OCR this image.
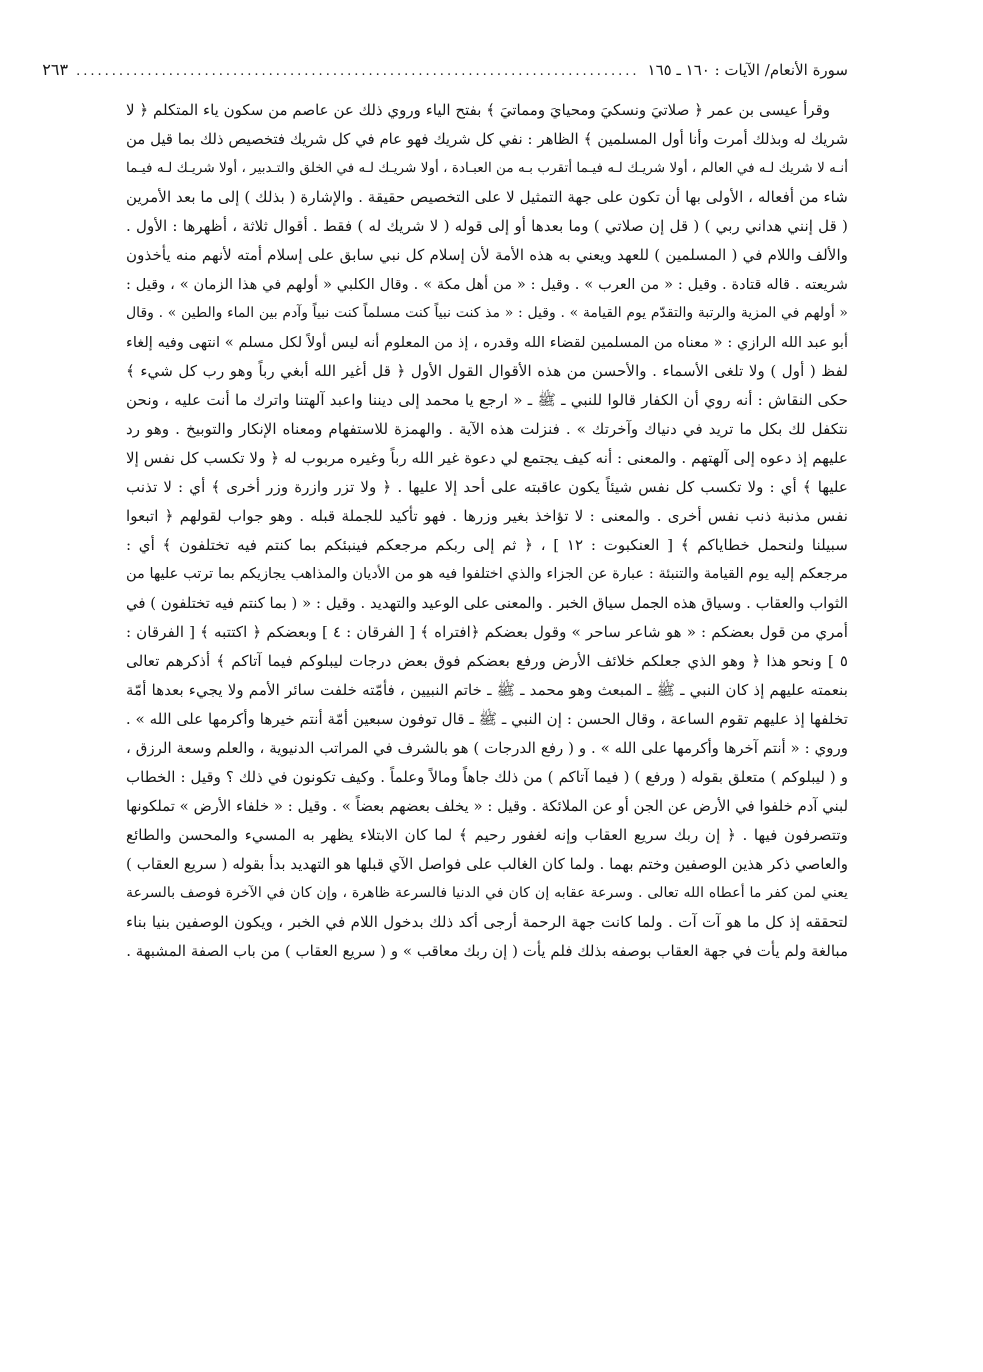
سورة الأنعام/ الآيات : ١٦٠ ـ ١٦٥
...............................................................................
٢٦٣
وقرأ عيسى بن عمر ﴿ صلاتيَ ونسكيَ ومحيايَ ومماتيَ ﴾ بفتح الياء وروي ذلك عن عاصم من سكون ياء المتكلم ﴿ لا
شريك له وبذلك أمرت وأنا أول المسلمين ﴾ الظاهر : نفي كل شريك فهو عام في كل شريك فتخصيص ذلك بما قيل من
أنـه لا شريك لـه في العالم ، أولا شريـك لـه فيـما أتقرب بـه من العبـادة ، أولا شريـك لـه في الخلق والتـدبير ، أولا شريـك لـه فيـما
شاء من أفعاله ، الأولى بها أن تكون على جهة التمثيل لا على التخصيص حقيقة . والإشارة ( بذلك ) إلى ما بعد الأمرين
( قل إنني هداني ربي ) ( قل إن صلاتي ) وما بعدها أو إلى قوله ( لا شريك له ) فقط . أقوال ثلاثة ، أظهرها : الأول .
والألف واللام في ( المسلمين ) للعهد ويعني به هذه الأمة لأن إسلام كل نبي سابق على إسلام أمته لأنهم منه يأخذون
شريعته . قاله قتادة . وقيل : « من العرب » . وقيل : « من أهل مكة » . وقال الكلبي « أولهم في هذا الزمان » ، وقيل :
« أولهم في المزية والرتبة والتقدّم يوم القيامة » . وقيل : « مذ كنت نبياً كنت مسلماً كنت نبياً وآدم بين الماء والطين » . وقال
أبو عبد الله الرازي : « معناه من المسلمين لقضاء الله وقدره ، إذ من المعلوم أنه ليس أولاً لكل مسلم » انتهى وفيه إلغاء
لفظ ( أول ) ولا تلغى الأسماء . والأحسن من هذه الأقوال القول الأول ﴿ قل أغير الله أبغي رباً وهو رب كل شيء ﴾
حكى النقاش : أنه روي أن الكفار قالوا للنبي ـ ﷺ ـ « ارجع يا محمد إلى ديننا واعبد آلهتنا واترك ما أنت عليه ، ونحن
نتكفل لك بكل ما تريد في دنياك وآخرتك » . فنزلت هذه الآية . والهمزة للاستفهام ومعناه الإنكار والتوبيخ . وهو رد
عليهم إذ دعوه إلى آلهتهم . والمعنى : أنه كيف يجتمع لي دعوة غير الله رباً وغيره مربوب له ﴿ ولا تكسب كل نفس إلا
عليها ﴾ أي : ولا تكسب كل نفس شيئاً يكون عاقبته على أحد إلا عليها . ﴿ ولا تزر وازرة وزر أخرى ﴾ أي : لا تذنب
نفس مذنبة ذنب نفس أخرى . والمعنى : لا تؤاخذ بغير وزرها . فهو تأكيد للجملة قبله . وهو جواب لقولهم ﴿ اتبعوا
سبيلنا ولنحمل خطاياكم ﴾ [ العنكبوت : ١٢ ] ، ﴿ ثم إلى ربكم مرجعكم فينبئكم بما كنتم فيه تختلفون ﴾ أي :
مرجعكم إليه يوم القيامة والتنبئة : عبارة عن الجزاء والذي اختلفوا فيه هو من الأديان والمذاهب يجازيكم بما ترتب عليها من
الثواب والعقاب . وسياق هذه الجمل سياق الخبر . والمعنى على الوعيد والتهديد . وقيل : « ( بما كنتم فيه تختلفون ) في
أمري من قول بعضكم : « هو شاعر ساحر » وقول بعضكم ﴿افتراه ﴾ [ الفرقان : ٤ ] وبعضكم ﴿ اكتتبه ﴾ [ الفرقان :
٥ ] ونحو هذا ﴿ وهو الذي جعلكم خلائف الأرض ورفع بعضكم فوق بعض درجات ليبلوكم فيما آتاكم ﴾ أذكرهم تعالى
بنعمته عليهم إذ كان النبي ـ ﷺ ـ المبعث وهو محمد ـ ﷺ ـ خاتم النبيين ، فأمّته خلفت سائر الأمم ولا يجيء بعدها أمّة
تخلفها إذ عليهم تقوم الساعة ، وقال الحسن : إن النبي ـ ﷺ ـ قال توفون سبعين أمّة أنتم خيرها وأكرمها على الله » .
وروي : « أنتم آخرها وأكرمها على الله » . و ( رفع الدرجات ) هو بالشرف في المراتب الدنيوية ، والعلم وسعة الرزق ،
و ( ليبلوكم ) متعلق بقوله ( ورفع ) ( فيما آتاكم ) من ذلك جاهاً ومالاً وعلماً . وكيف تكونون في ذلك ؟ وقيل : الخطاب
لبني آدم خلفوا في الأرض عن الجن أو عن الملائكة . وقيل : « يخلف بعضهم بعضاً » . وقيل : « خلفاء الأرض » تملكونها
وتتصرفون فيها . ﴿ إن ربك سريع العقاب وإنه لغفور رحيم ﴾ لما كان الابتلاء يظهر به المسيء والمحسن والطائع
والعاصي ذكر هذين الوصفين وختم بهما . ولما كان الغالب على فواصل الآي قبلها هو التهديد بدأ بقوله ( سريع العقاب )
يعني لمن كفر ما أعطاه الله تعالى . وسرعة عقابه إن كان في الدنيا فالسرعة ظاهرة ، وإن كان في الآخرة فوصف بالسرعة
لتحققه إذ كل ما هو آت آت . ولما كانت جهة الرحمة أرجى أكد ذلك بدخول اللام في الخبر ، ويكون الوصفين بنيا بناء
مبالغة ولم يأت في جهة العقاب بوصفه بذلك فلم يأت ( إن ربك معاقب » و ( سريع العقاب ) من باب الصفة المشبهة .
